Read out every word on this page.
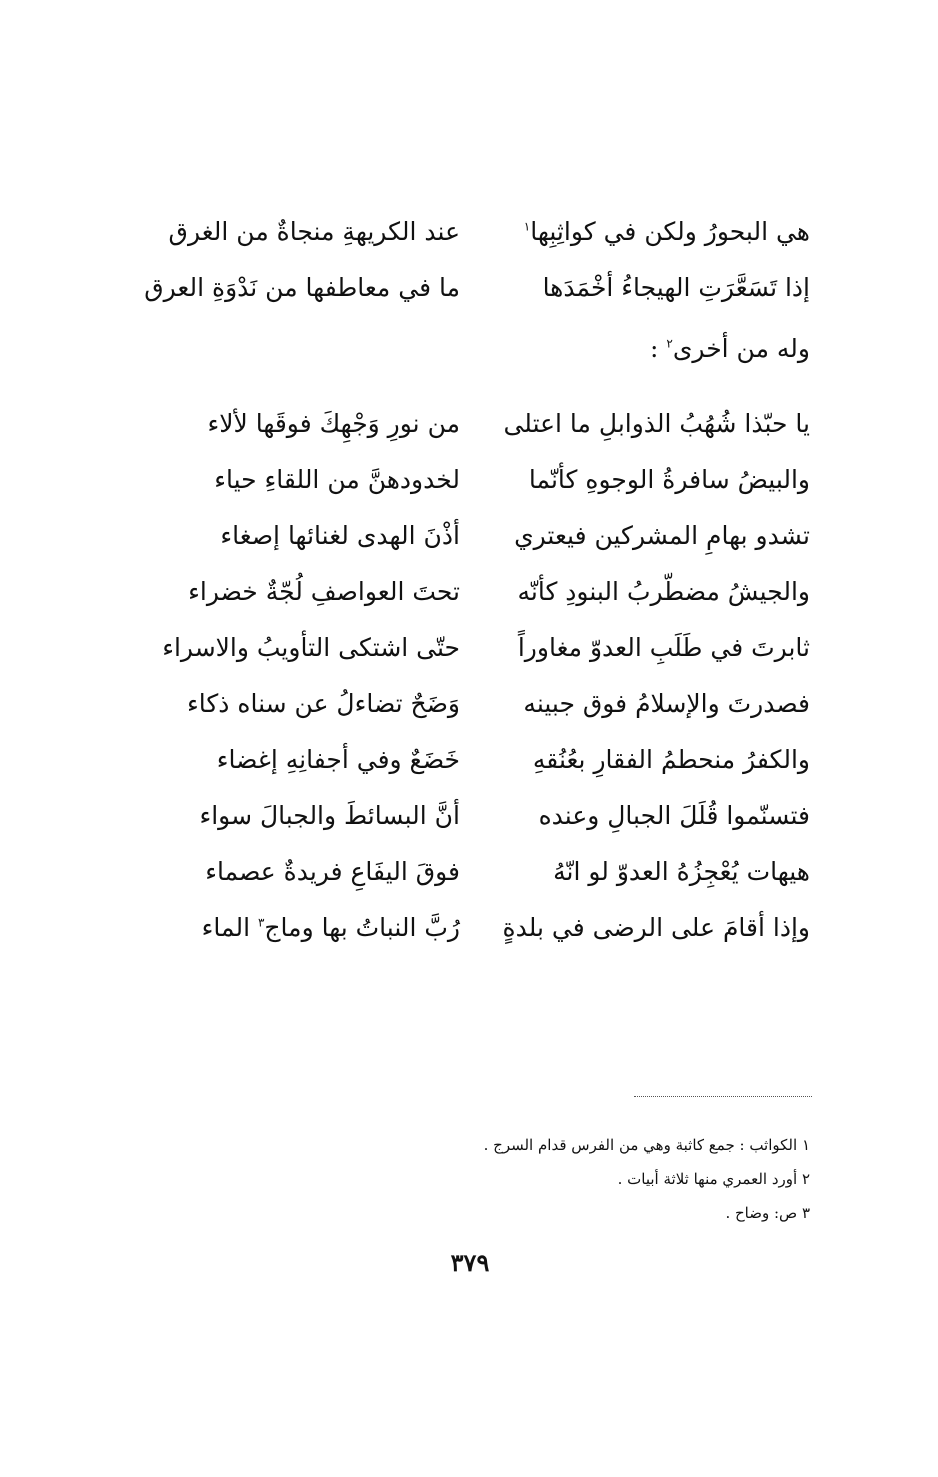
هي البحورُ ولكن في كواثِبِها$^١$
عند الكريهةِ منجاةٌ من الغرق
إذا تَسَعَّرَتِ الهيجاءُ أخْمَدَها
ما في معاطفها من نَدْوَةِ العرق
وله من أخرى$^٢$ :
يا حبّذا شُهُبُ الذوابلِ ما اعتلى
من نورِ وَجْهِكَ فوقَها لألاء
والبيضُ سافرةُ الوجوهِ كأنّما
لخدودهنَّ من اللقاءِ حياء
تشدو بهامِ المشركين فيعتري
أذْنَ الهدى لغنائها إصغاء
والجيشُ مضطّربُ البنودِ كأنّه
تحتَ العواصفِ لُجّةٌ خضراء
ثابرتَ في طَلَبِ العدوّ مغاوراً
حتّى اشتكى التأويبُ والاسراء
فصدرتَ والإسلامُ فوق جبينه
وَضَحٌ تضاءلُ عن سناه ذكاء
والكفرُ منحطمُ الفقارِ بعُنُقهِ
خَضَعٌ وفي أجفانِهِ إغضاء
فتسنّموا قُلَلَ الجبالِ وعنده
أنَّ البسائطَ والجبالَ سواء
هيهات يُعْجِزُهُ العدوّ لو انّهُ
فوقَ اليفَاعِ فريدةٌ عصماء
وإذا أقامَ على الرضى في بلدةٍ
رُبَّ النباتُ بها وماج$^٣$ الماء
١ الكواثب : جمع كاثبة وهي من الفرس قدام السرج .
٢ أورد العمري منها ثلاثة أبيات .
٣ ص: وضاح .
٣٧٩
